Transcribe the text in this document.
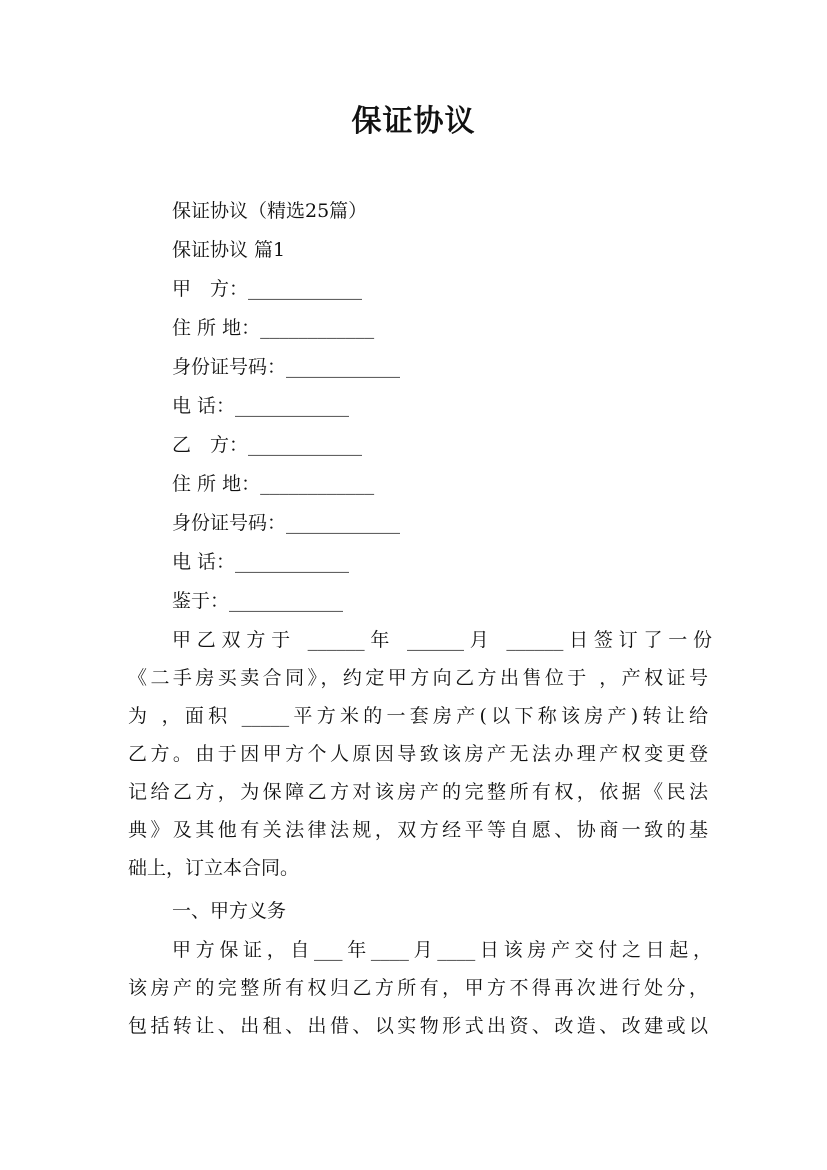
保证协议
保证协议（精选25篇）
保证协议 篇1
甲　方：____________
住 所 地：____________
身份证号码：____________
电 话：____________
乙　方：____________
住 所 地：____________
身份证号码：____________
电 话：____________
鉴于：____________
甲乙双方于 ______年 ______月 ______日签订了一份
《二手房买卖合同》，约定甲方向乙方出售位于 ，产权证号
为 ，面积 _____平方米的一套房产(以下称该房产)转让给
乙方。由于因甲方个人原因导致该房产无法办理产权变更登
记给乙方，为保障乙方对该房产的完整所有权，依据《民法
典》及其他有关法律法规，双方经平等自愿、协商一致的基
础上，订立本合同。
一、甲方义务
甲方保证，自___年____月____日该房产交付之日起，
该房产的完整所有权归乙方所有，甲方不得再次进行处分，
包括转让、出租、出借、以实物形式出资、改造、改建或以
